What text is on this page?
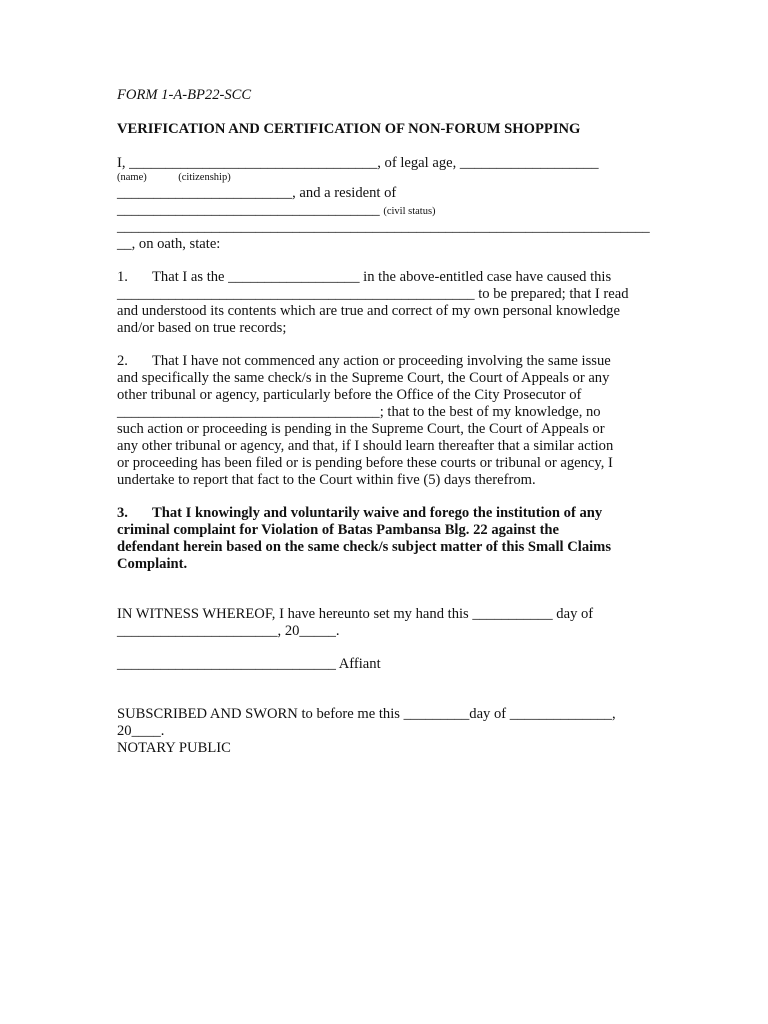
FORM 1-A-BP22-SCC
VERIFICATION AND CERTIFICATION OF NON-FORUM SHOPPING
I, __________________________________, of legal age, ___________________
(name)            (citizenship)
________________________, and a resident of
____________________________________ (civil status)
_________________________________________________________________________
__, on oath, state:
1. That I as the __________________ in the above-entitled case have caused this
_________________________________________________ to be prepared; that I read
and understood its contents which are true and correct of my own personal knowledge
and/or based on true records;
2. That I have not commenced any action or proceeding involving the same issue
and specifically the same check/s in the Supreme Court, the Court of Appeals or any
other tribunal or agency, particularly before the Office of the City Prosecutor of
____________________________________; that to the best of my knowledge, no
such action or proceeding is pending in the Supreme Court, the Court of Appeals or
any other tribunal or agency, and that, if I should learn thereafter that a similar action
or proceeding has been filed or is pending before these courts or tribunal or agency, I
undertake to report that fact to the Court within five (5) days therefrom.
3. That I knowingly and voluntarily waive and forego the institution of any
criminal complaint for Violation of Batas Pambansa Blg. 22 against the
defendant herein based on the same check/s subject matter of this Small Claims
Complaint.
IN WITNESS WHEREOF, I have hereunto set my hand this ___________ day of
______________________, 20_____.
______________________________ Affiant
SUBSCRIBED AND SWORN to before me this _________day of ______________,
20____.
NOTARY PUBLIC
